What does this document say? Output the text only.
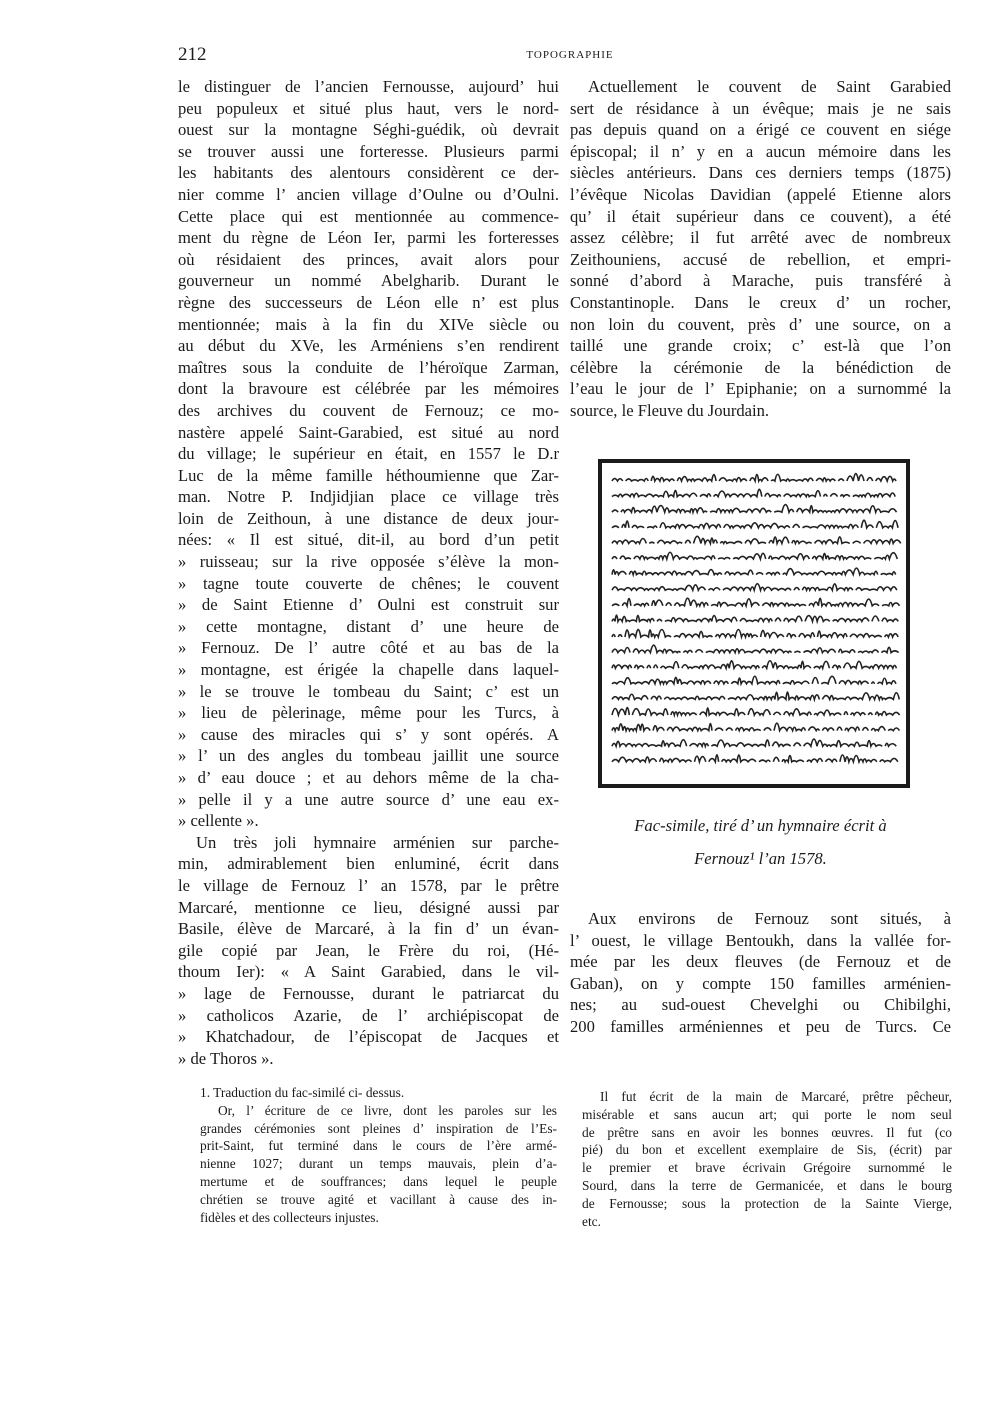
212	TOPOGRAPHIE
le distinguer de l’ancien Fernousse, aujourd’ hui
peu populeux et situé plus haut, vers le nord-
ouest sur la montagne Séghi-guédik, où devrait
se trouver aussi une forteresse. Plusieurs parmi
les habitants des alentours considèrent ce der-
nier comme l’ ancien village d’Oulne ou d’Oulni.
Cette place qui est mentionnée au commence-
ment du règne de Léon Ier, parmi les forteresses
où résidaient des princes, avait alors pour
gouverneur un nommé Abelgharib. Durant le
règne des successeurs de Léon elle n’ est plus
mentionnée; mais à la fin du XIVe siècle ou
au début du XVe, les Arméniens s’en rendirent
maîtres sous la conduite de l’héroïque Zarman,
dont la bravoure est célébrée par les mémoires
des archives du couvent de Fernouz; ce mo-
nastère appelé Saint-Garabied, est situé au nord
du village; le supérieur en était, en 1557 le D.r
Luc de la même famille héthoumienne que Zar-
man. Notre P. Indjidjian place ce village très
loin de Zeithoun, à une distance de deux jour-
nées: « Il est situé, dit-il, au bord d’un petit
» ruisseau; sur la rive opposée s’élève la mon-
» tagne toute couverte de chênes; le couvent
» de Saint Etienne d’ Oulni est construit sur
» cette montagne, distant d’ une heure de
» Fernouz. De l’ autre côté et au bas de la
» montagne, est érigée la chapelle dans laquel-
» le se trouve le tombeau du Saint; c’ est un
» lieu de pèlerinage, même pour les Turcs, à
» cause des miracles qui s’ y sont opérés. A
» l’ un des angles du tombeau jaillit une source
» d’ eau douce ; et au dehors même de la cha-
» pelle il y a une autre source d’ une eau ex-
» cellente ».
Un très joli hymnaire arménien sur parche-
min, admirablement bien enluminé, écrit dans
le village de Fernouz l’ an 1578, par le prêtre
Marcaré, mentionne ce lieu, désigné aussi par
Basile, élève de Marcaré, à la fin d’ un évan-
gile copié par Jean, le Frère du roi, (Hé-
thoum Ier): « A Saint Garabied, dans le vil-
» lage de Fernousse, durant le patriarcat du
» catholicos Azarie, de l’ archiépiscopat de
» Khatchadour, de l’épiscopat de Jacques et
» de Thoros ».
Actuellement le couvent de Saint Garabied
sert de résidance à un évêque; mais je ne sais
pas depuis quand on a érigé ce couvent en siége
épiscopal; il n’ y en a aucun mémoire dans les
siècles antérieurs. Dans ces derniers temps (1875)
l’évêque Nicolas Davidian (appelé Etienne alors
qu’ il était supérieur dans ce couvent), a été
assez célèbre; il fut arrêté avec de nombreux
Zeithouniens, accusé de rebellion, et empri-
sonné d’abord à Marache, puis transféré à
Constantinople. Dans le creux d’ un rocher,
non loin du couvent, près d’ une source, on a
taillé une grande croix; c’ est-là que l’on
célèbre la cérémonie de la bénédiction de
l’eau le jour de l’ Epiphanie; on a surnommé la
source, le Fleuve du Jourdain.
Fac-simile, tiré d’ un hymnaire écrit à
Fernouz¹ l’an 1578.
Aux environs de Fernouz sont situés, à
l’ ouest, le village Bentoukh, dans la vallée for-
mée par les deux fleuves (de Fernouz et de
Gaban), on y compte 150 familles arménien-
nes; au sud-ouest Chevelghi ou Chibilghi,
200 familles arméniennes et peu de Turcs. Ce
1. Traduction du fac-similé ci- dessus.
Or, l’ écriture de ce livre, dont les paroles sur les
grandes cérémonies sont pleines d’ inspiration de l’Es-
prit-Saint, fut terminé dans le cours de l’ère armé-
nienne 1027; durant un temps mauvais, plein d’a-
mertume et de souffrances; dans lequel le peuple
chrétien se trouve agité et vacillant à cause des in-
fidèles et des collecteurs injustes.
Il fut écrit de la main de Marcaré, prêtre pêcheur,
misérable et sans aucun art; qui porte le nom seul
de prêtre sans en avoir les bonnes œuvres. Il fut (co
pié) du bon et excellent exemplaire de Sis, (écrit) par
le premier et brave écrivain Grégoire surnommé le
Sourd, dans la terre de Germanicée, et dans le bourg
de Fernousse; sous la protection de la Sainte Vierge,
etc.
